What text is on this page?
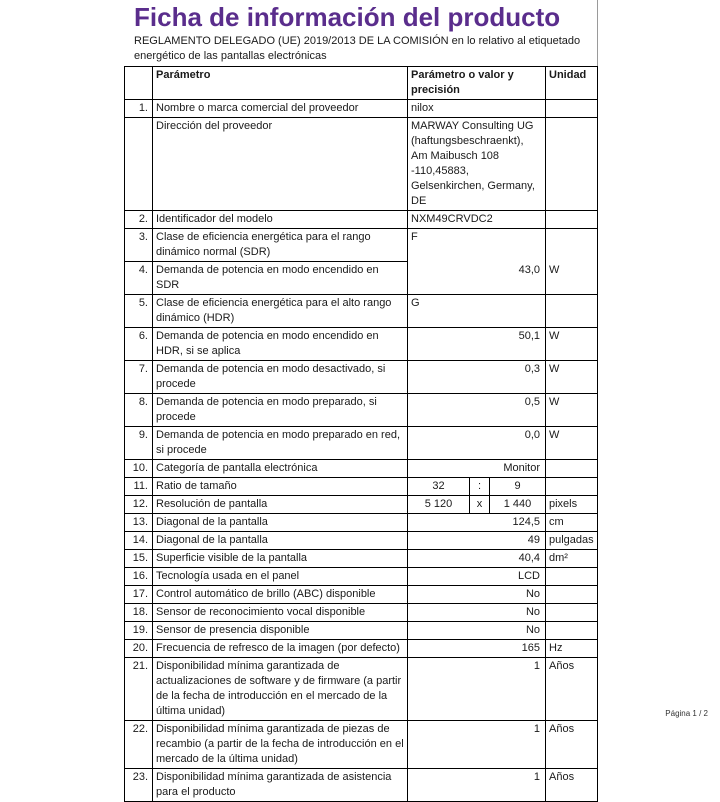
Ficha de información del producto
REGLAMENTO DELEGADO (UE) 2019/2013 DE LA COMISIÓN en lo relativo al etiquetado energético de las pantallas electrónicas
	Parámetro	Parámetro o valor y precisión			Unidad
1.	Nombre o marca comercial del proveedor	nilox			
	Dirección del proveedor	MARWAY Consulting UG (haftungsbeschraenkt), Am Maibusch 108 -110,45883, Gelsenkirchen, Germany, DE			
2.	Identificador del modelo	NXM49CRVDC2			
3.	Clase de eficiencia energética para el rango dinámico normal (SDR)	F			
4.	Demanda de potencia en modo encendido en SDR	43,0			W
5.	Clase de eficiencia energética para el alto rango dinámico (HDR)	G			
6.	Demanda de potencia en modo encendido en HDR, si se aplica	50,1			W
7.	Demanda de potencia en modo desactivado, si procede	0,3			W
8.	Demanda de potencia en modo preparado, si procede	0,5			W
9.	Demanda de potencia en modo preparado en red, si procede	0,0			W
10.	Categoría de pantalla electrónica	Monitor			
11.	Ratio de tamaño	32	:	9	
12.	Resolución de pantalla	5 120	x	1 440	pixels
13.	Diagonal de la pantalla	124,5			cm
14.	Diagonal de la pantalla	49			pulgadas
15.	Superficie visible de la pantalla	40,4			dm²
16.	Tecnología usada en el panel	LCD			
17.	Control automático de brillo (ABC) disponible	No			
18.	Sensor de reconocimiento vocal disponible	No			
19.	Sensor de presencia disponible	No			
20.	Frecuencia de refresco de la imagen (por defecto)	165			Hz
21.	Disponibilidad mínima garantizada de actualizaciones de software y de firmware (a partir de la fecha de introducción en el mercado de la última unidad)	1			Años
22.	Disponibilidad mínima garantizada de piezas de recambio (a partir de la fecha de introducción en el mercado de la última unidad)	1			Años
23.	Disponibilidad mínima garantizada de asistencia para el producto	1			Años
Página 1 / 2
